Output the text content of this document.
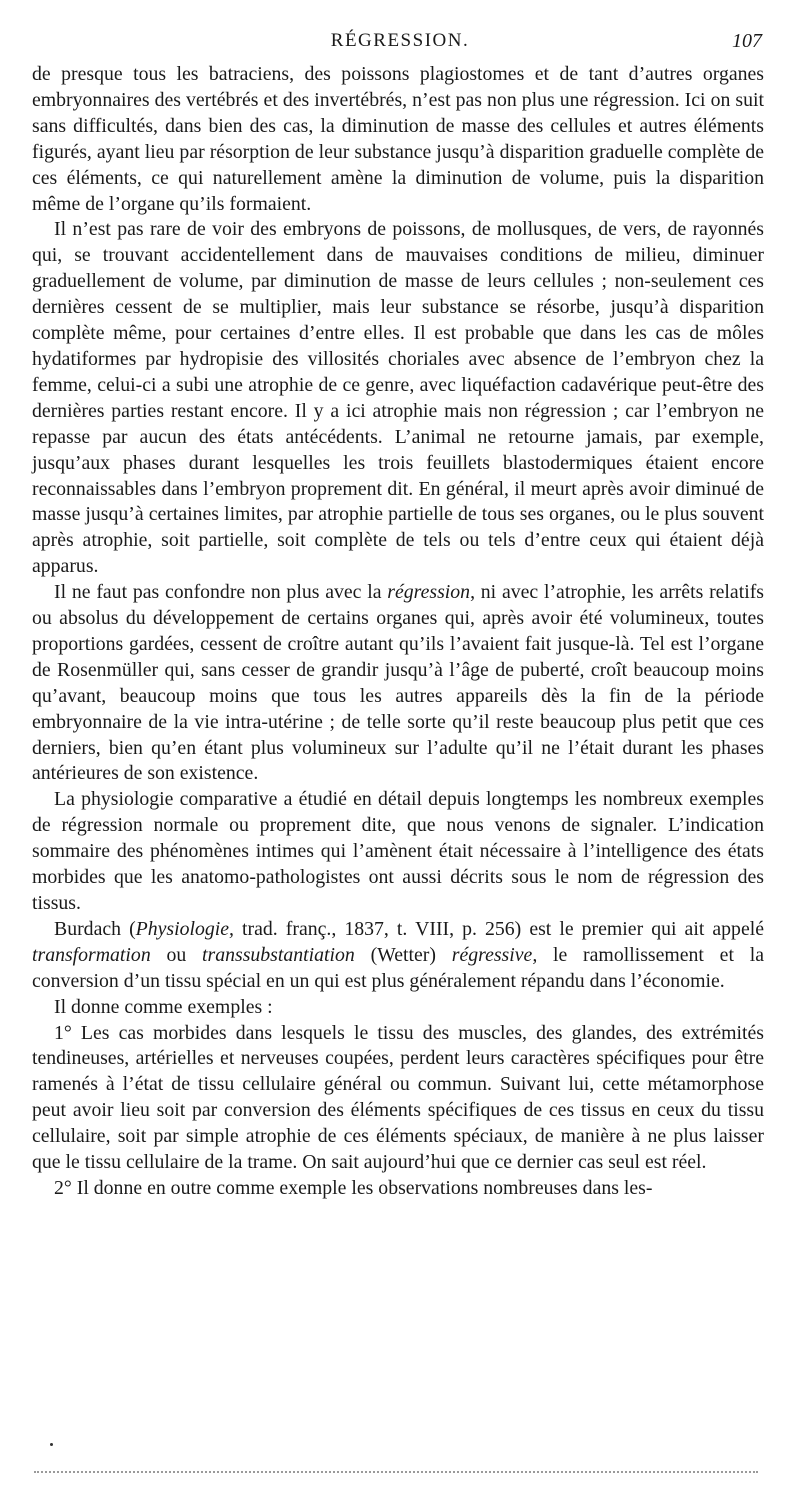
RÉGRESSION.	107

de presque tous les batraciens, des poissons plagiostomes et de tant d’autres organes embryonnaires des vertébrés et des invertébrés, n’est pas non plus une régression. Ici on suit sans difficultés, dans bien des cas, la diminution de masse des cellules et autres éléments figurés, ayant lieu par résorption de leur substance jusqu’à disparition graduelle complète de ces éléments, ce qui naturellement amène la diminution de volume, puis la disparition même de l’organe qu’ils formaient.

Il n’est pas rare de voir des embryons de poissons, de mollusques, de vers, de rayonnés qui, se trouvant accidentellement dans de mauvaises conditions de milieu, diminuer graduellement de volume, par diminution de masse de leurs cellules ; non-seulement ces dernières cessent de se multiplier, mais leur substance se résorbe, jusqu’à disparition complète même, pour certaines d’entre elles. Il est probable que dans les cas de môles hydatiformes par hydropisie des villosités choriales avec absence de l’embryon chez la femme, celui-ci a subi une atrophie de ce genre, avec liquéfaction cadavérique peut-être des dernières parties restant encore. Il y a ici atrophie mais non régression ; car l’embryon ne repasse par aucun des états antécédents. L’animal ne retourne jamais, par exemple, jusqu’aux phases durant lesquelles les trois feuillets blastodermiques étaient encore reconnaissables dans l’embryon proprement dit. En général, il meurt après avoir diminué de masse jusqu’à certaines limites, par atrophie partielle de tous ses organes, ou le plus souvent après atrophie, soit partielle, soit complète de tels ou tels d’entre ceux qui étaient déjà apparus.

Il ne faut pas confondre non plus avec la régression, ni avec l’atrophie, les arrêts relatifs ou absolus du développement de certains organes qui, après avoir été volumineux, toutes proportions gardées, cessent de croître autant qu’ils l’avaient fait jusque-là. Tel est l’organe de Rosenmüller qui, sans cesser de grandir jusqu’à l’âge de puberté, croît beaucoup moins qu’avant, beaucoup moins que tous les autres appareils dès la fin de la période embryonnaire de la vie intra-utérine ; de telle sorte qu’il reste beaucoup plus petit que ces derniers, bien qu’en étant plus volumineux sur l’adulte qu’il ne l’était durant les phases antérieures de son existence.

La physiologie comparative a étudié en détail depuis longtemps les nombreux exemples de régression normale ou proprement dite, que nous venons de signaler. L’indication sommaire des phénomènes intimes qui l’amènent était nécessaire à l’intelligence des états morbides que les anatomo-pathologistes ont aussi décrits sous le nom de régression des tissus.

Burdach (Physiologie, trad. franç., 1837, t. VIII, p. 256) est le premier qui ait appelé transformation ou transsubstantiation (Wetter) régressive, le ramollissement et la conversion d’un tissu spécial en un qui est plus généralement répandu dans l’économie.

Il donne comme exemples :

1° Les cas morbides dans lesquels le tissu des muscles, des glandes, des extrémités tendineuses, artérielles et nerveuses coupées, perdent leurs caractères spécifiques pour être ramenés à l’état de tissu cellulaire général ou commun. Suivant lui, cette métamorphose peut avoir lieu soit par conversion des éléments spécifiques de ces tissus en ceux du tissu cellulaire, soit par simple atrophie de ces éléments spéciaux, de manière à ne plus laisser que le tissu cellulaire de la trame. On sait aujourd’hui que ce dernier cas seul est réel.

2° Il donne en outre comme exemple les observations nombreuses dans les-
